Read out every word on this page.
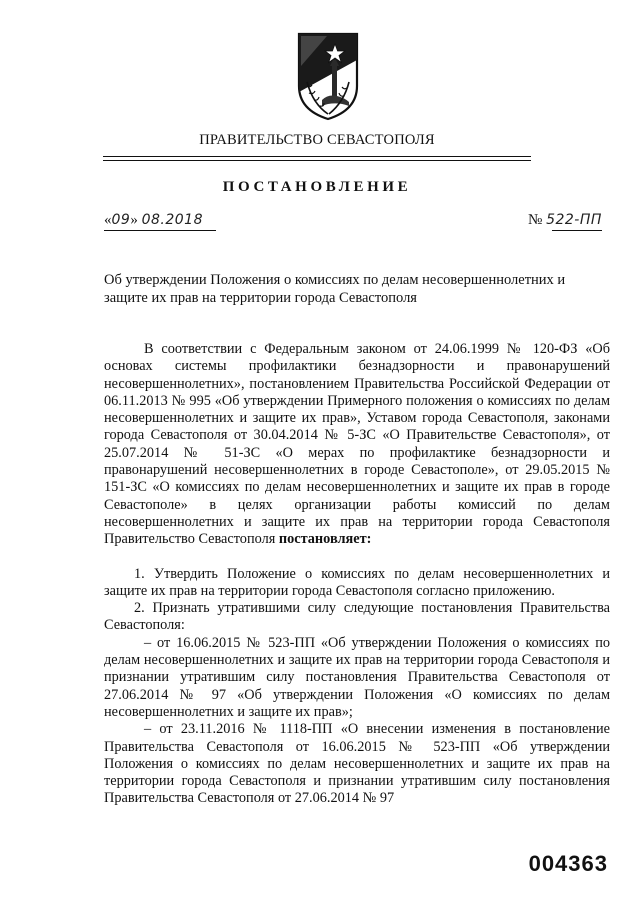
ПРАВИТЕЛЬСТВО СЕВАСТОПОЛЯ
ПОСТАНОВЛЕНИЕ
«09» 08.2018	№ 522-ПП
Об утверждении Положения о комиссиях по делам несовершеннолетних и защите их прав на территории города Севастополя

В соответствии с Федеральным законом от 24.06.1999 № 120-ФЗ «Об основах системы профилактики безнадзорности и правонарушений несовершеннолетних», постановлением Правительства Российской Федерации от 06.11.2013 № 995 «Об утверждении Примерного положения о комиссиях по делам несовершеннолетних и защите их прав», Уставом города Севастополя, законами города Севастополя от 30.04.2014 № 5-ЗС «О Правительстве Севастополя», от 25.07.2014 № 51-ЗС «О мерах по профилактике безнадзорности и правонарушений несовершеннолетних в городе Севастополе», от 29.05.2015 № 151-ЗС «О комиссиях по делам несовершеннолетних и защите их прав в городе Севастополе» в целях организации работы комиссий по делам несовершеннолетних и защите их прав на территории города Севастополя Правительство Севастополя постановляет:

1. Утвердить Положение о комиссиях по делам несовершеннолетних и защите их прав на территории города Севастополя согласно приложению.

2. Признать утратившими силу следующие постановления Правительства Севастополя:

– от 16.06.2015 № 523-ПП «Об утверждении Положения о комиссиях по делам несовершеннолетних и защите их прав на территории города Севастополя и признании утратившим силу постановления Правительства Севастополя от 27.06.2014 № 97 «Об утверждении Положения «О комиссиях по делам несовершеннолетних и защите их прав»;

– от 23.11.2016 № 1118-ПП «О внесении изменения в постановление Правительства Севастополя от 16.06.2015 № 523-ПП «Об утверждении Положения о комиссиях по делам несовершеннолетних и защите их прав на территории города Севастополя и признании утратившим силу постановления Правительства Севастополя от 27.06.2014 № 97

004363
